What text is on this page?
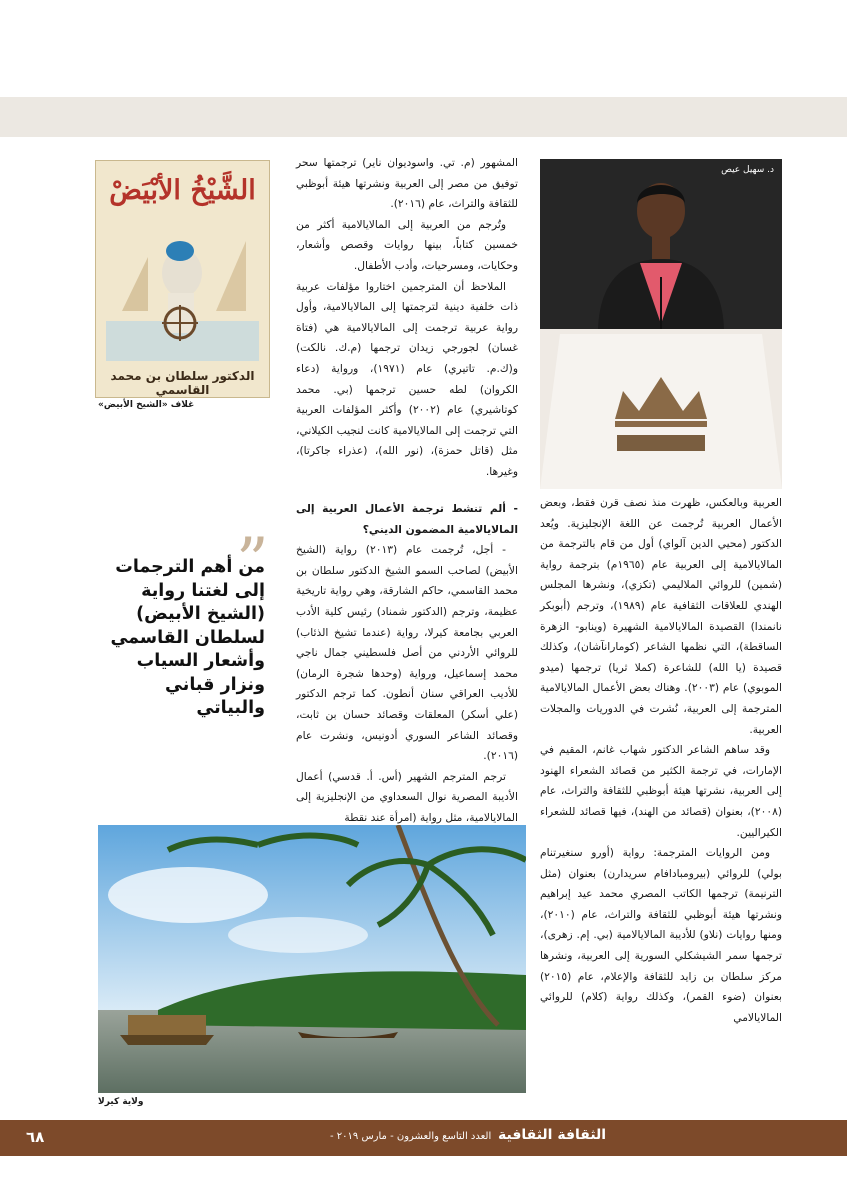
د. سهيل عيص
الشَّيْخُ الأبْيَضْ
الدكتور سلطان بن محمد القاسمي
غلاف «الشيخ الأبيض»
”
من أهم الترجمات إلى لغتنا رواية (الشيخ الأبيض) لسلطان القاسمي وأشعار السياب ونزار قباني والبياتي

المشهور (م. تي. واسوديوان ناير) ترجمتها سحر توفيق من مصر إلى العربية ونشرتها هيئة أبوظبي للثقافة والتراث، عام (٢٠١٦).

وتُرجم من العربية إلى المالايالامية أكثر من خمسين كتاباً، بينها روايات وقصص وأشعار، وحكايات، ومسرحيات، وأدب الأطفال.

الملاحظ أن المترجمين اختاروا مؤلفات عربية ذات خلفية دينية لترجمتها إلى المالايالامية، وأول رواية عربية ترجمت إلى المالايالامية هي (فتاة غسان) لجورجي زيدان ترجمها (م.ك. نالكت) و(ك.م. تاتيري) عام (١٩٧١)، ورواية (دعاء الكروان) لطه حسين ترجمها (بي. محمد كوتاشيري) عام (٢٠٠٢) وأكثر المؤلفات العربية التي ترجمت إلى المالايالامية كانت لنجيب الكيلاني، مثل (قاتل حمزة)، (نور الله)، (عذراء جاكرتا)، وغيرها.

- ألم تنشط ترجمة الأعمال العربية إلى المالايالامية المضمون الديني؟

- أجل، تُرجمت عام (٢٠١٣) رواية (الشيخ الأبيض) لصاحب السمو الشيخ الدكتور سلطان بن محمد القاسمي، حاكم الشارقة، وهي رواية تاريخية عظيمة، وترجم (الدكتور شمناد) رئيس كلية الأدب العربي بجامعة كيرلا، رواية (عندما تشيخ الذئاب) للروائي الأردني من أصل فلسطيني جمال ناجي محمد إسماعيل، ورواية (وحدها شجرة الرمان) للأديب العراقي سنان أنطون. كما ترجم الدكتور (علي أسكر) المعلقات وقصائد حسان بن ثابت، وقصائد الشاعر السوري أدونيس، ونشرت عام (٢٠١٦).

ترجم المترجم الشهير (أس. أ. قدسي) أعمال الأديبة المصرية نوال السعداوي من الإنجليزية إلى المالايالامية، مثل رواية (امرأة عند نقطة

العربية وبالعكس، ظهرت منذ نصف قرن فقط، وبعض الأعمال العربية تُرجمت عن اللغة الإنجليزية. ويُعد الدكتور (محيي الدين آلواي) أول من قام بالترجمة من المالايالامية إلى العربية عام (١٩٦٥م) بترجمة رواية (شمين) للروائي الملاليمي (تكزي)، ونشرها المجلس الهندي للعلاقات الثقافية عام (١٩٨٩)، وترجم (أبوبكر نانمندا) القصيدة المالايالامية الشهيرة (وينابو- الزهرة الساقطة)، التي نظمها الشاعر (كومارانآشان)، وكذلك قصيدة (يا الله) للشاعرة (كملا ثريا) ترجمها (ميدو الموبوي) عام (٢٠٠٣). وهناك بعض الأعمال المالايالامية المترجمة إلى العربية، نُشرت في الدوريات والمجلات العربية.

وقد ساهم الشاعر الدكتور شهاب غانم، المقيم في الإمارات، في ترجمة الكثير من قصائد الشعراء الهنود إلى العربية، نشرتها هيئة أبوظبي للثقافة والتراث، عام (٢٠٠٨)، بعنوان (قصائد من الهند)، فيها قصائد للشعراء الكيراليين.

ومن الروايات المترجمة: رواية (أورو سنغيرتنام بولي) للروائي (بيرومبادافام سريدارن) بعنوان (مثل الترنيمة) ترجمها الكاتب المصري محمد عيد إبراهيم ونشرتها هيئة أبوظبي للثقافة والتراث، عام (٢٠١٠)، ومنها روايات (نلاو) للأديبة المالايالامية (بي. إم. زهرى)، ترجمها سمر الشيشكلي السورية إلى العربية، ونشرها مركز سلطان بن زايد للثقافة والإعلام، عام (٢٠١٥) بعنوان (ضوء القمر)، وكذلك رواية (كلام) للروائي المالايالامي

ولاية كيرلا
٦٨	العدد التاسع والعشرون - مارس ٢٠١٩ - الثقافة الثقافية
